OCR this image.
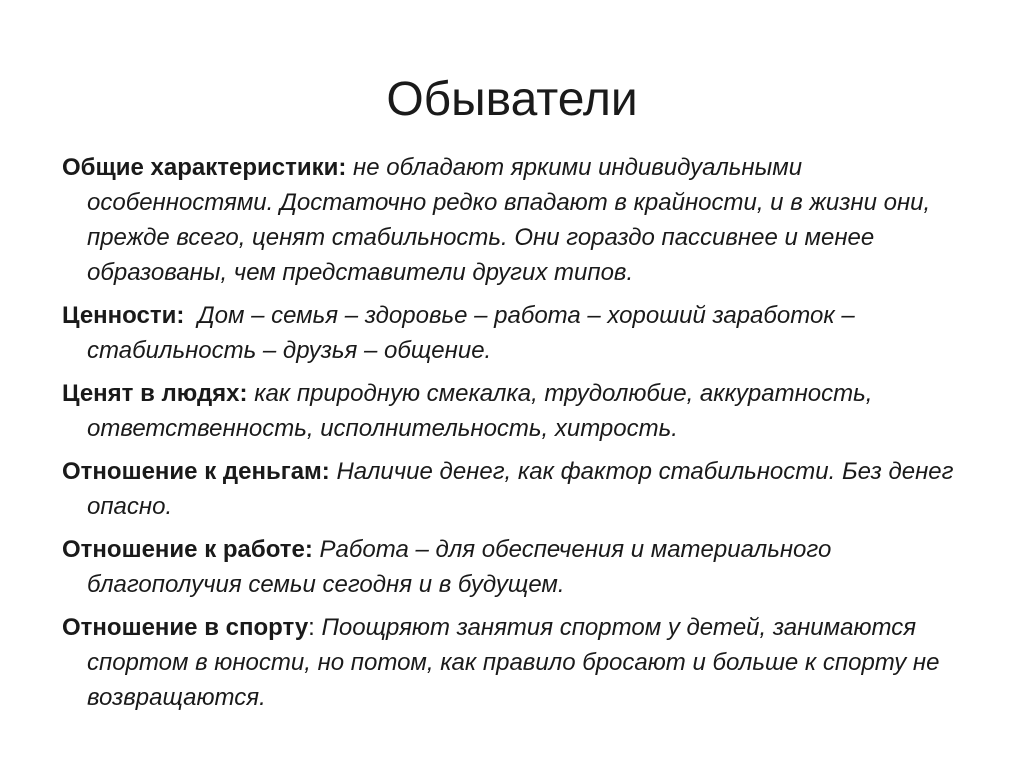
Обыватели
Общие характеристики: не обладают яркими индивидуальными особенностями. Достаточно редко впадают в крайности, и в жизни они, прежде всего, ценят стабильность. Они гораздо пассивнее и менее образованы, чем представители других типов.
Ценности: Дом – семья – здоровье – работа – хороший заработок – стабильность – друзья – общение.
Ценят в людях: как природную смекалка, трудолюбие, аккуратность, ответственность, исполнительность, хитрость.
Отношение к деньгам: Наличие денег, как фактор стабильности. Без денег опасно.
Отношение к работе: Работа – для обеспечения и материального благополучия семьи сегодня и в будущем.
Отношение в спорту: Поощряют занятия спортом у детей, занимаются спортом в юности, но потом, как правило бросают и больше к спорту не возвращаются.
